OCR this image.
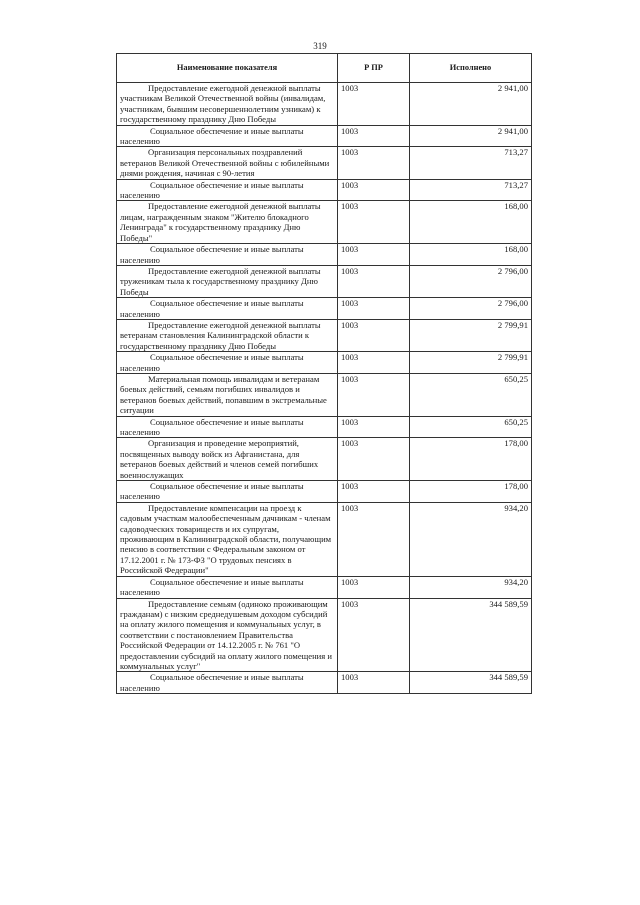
319
Наименование показателя	Р ПР	Исполнено
Предоставление ежегодной денежной выплаты участникам Великой Отечественной войны (инвалидам, участникам, бывшим несовершеннолетним узникам) к государственному празднику Дню Победы	1003	2 941,00
Социальное обеспечение и иные выплаты населению	1003	2 941,00
Организация персональных поздравлений ветеранов Великой Отечественной войны с юбилейными днями рождения, начиная с 90-летия	1003	713,27
Социальное обеспечение и иные выплаты населению	1003	713,27
Предоставление ежегодной денежной выплаты лицам, награжденным знаком "Жителю блокадного Ленинграда" к государственному празднику Дню Победы"	1003	168,00
Социальное обеспечение и иные выплаты населению	1003	168,00
Предоставление ежегодной денежной выплаты труженикам тыла к государственному празднику Дню Победы	1003	2 796,00
Социальное обеспечение и иные выплаты населению	1003	2 796,00
Предоставление ежегодной денежной выплаты ветеранам становления Калининградской области к государственному празднику Дню Победы	1003	2 799,91
Социальное обеспечение и иные выплаты населению	1003	2 799,91
Материальная помощь инвалидам и ветеранам боевых действий, семьям погибших инвалидов и ветеранов боевых действий, попавшим в экстремальные ситуации	1003	650,25
Социальное обеспечение и иные выплаты населению	1003	650,25
Организация и проведение мероприятий, посвященных выводу войск из Афганистана, для ветеранов боевых действий и членов семей погибших военнослужащих	1003	178,00
Социальное обеспечение и иные выплаты населению	1003	178,00
Предоставление компенсации на проезд к садовым участкам малообеспеченным дачникам - членам садоводческих товариществ и их супругам, проживающим в Калининградской области, получающим пенсию в соответствии с Федеральным законом от 17.12.2001 г. № 173-ФЗ "О трудовых пенсиях в Российской Федерации"	1003	934,20
Социальное обеспечение и иные выплаты населению	1003	934,20
Предоставление семьям (одиноко проживающим гражданам) с низким среднедушевым доходом субсидий на оплату жилого помещения и коммунальных услуг, в соответствии с постановлением Правительства Российской Федерации от 14.12.2005 г. № 761 "О предоставлении субсидий на оплату жилого помещения и коммунальных услуг"	1003	344 589,59
Социальное обеспечение и иные выплаты населению	1003	344 589,59
